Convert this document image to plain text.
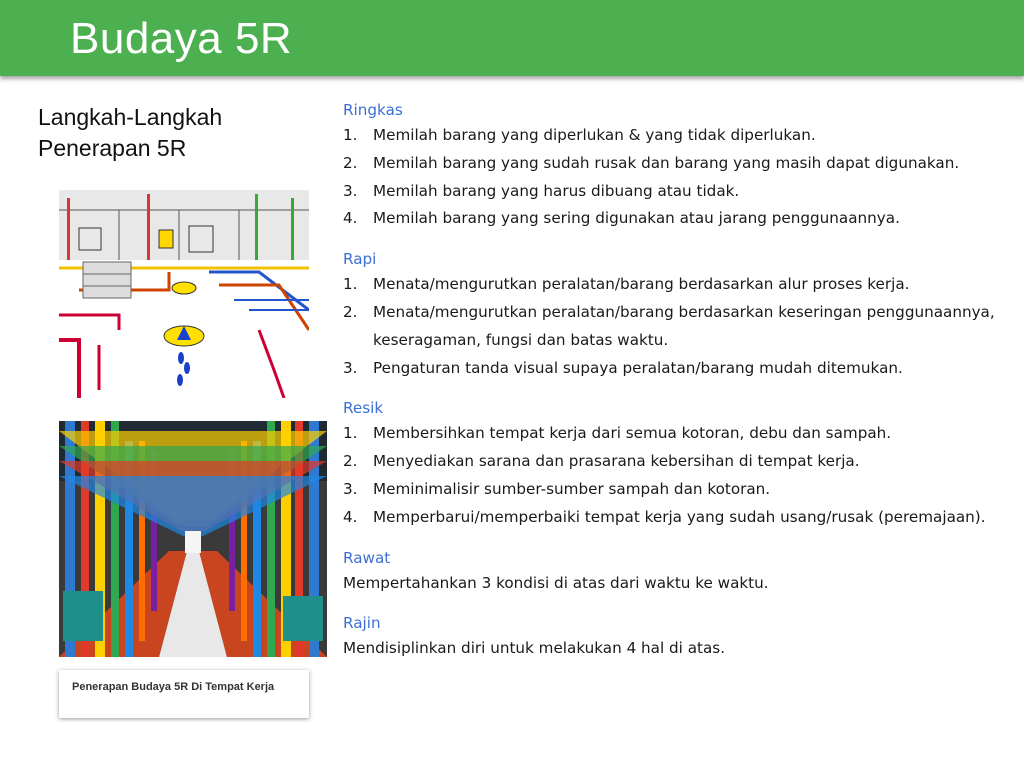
Budaya 5R
Langkah-Langkah
Penerapan 5R
Penerapan Budaya 5R Di Tempat Kerja
Ringkas
1.	Memilah barang yang diperlukan & yang tidak diperlukan.
2.	Memilah barang yang sudah rusak dan barang yang masih dapat digunakan.
3.	Memilah barang yang harus dibuang atau tidak.
4.	Memilah barang yang sering digunakan atau jarang penggunaannya.
Rapi
1.	Menata/mengurutkan peralatan/barang berdasarkan alur proses kerja.
2.	Menata/mengurutkan peralatan/barang berdasarkan keseringan penggunaannya, keseragaman, fungsi dan batas waktu.
3.	Pengaturan tanda visual supaya peralatan/barang mudah ditemukan.
Resik
1.	Membersihkan tempat kerja dari semua kotoran, debu dan sampah.
2.	Menyediakan sarana dan prasarana kebersihan di tempat kerja.
3.	Meminimalisir sumber-sumber sampah dan kotoran.
4.	Memperbarui/memperbaiki tempat kerja yang sudah usang/rusak (peremajaan).
Rawat
Mempertahankan 3 kondisi di atas dari waktu ke waktu.
Rajin
Mendisiplinkan diri untuk melakukan 4 hal di atas.
